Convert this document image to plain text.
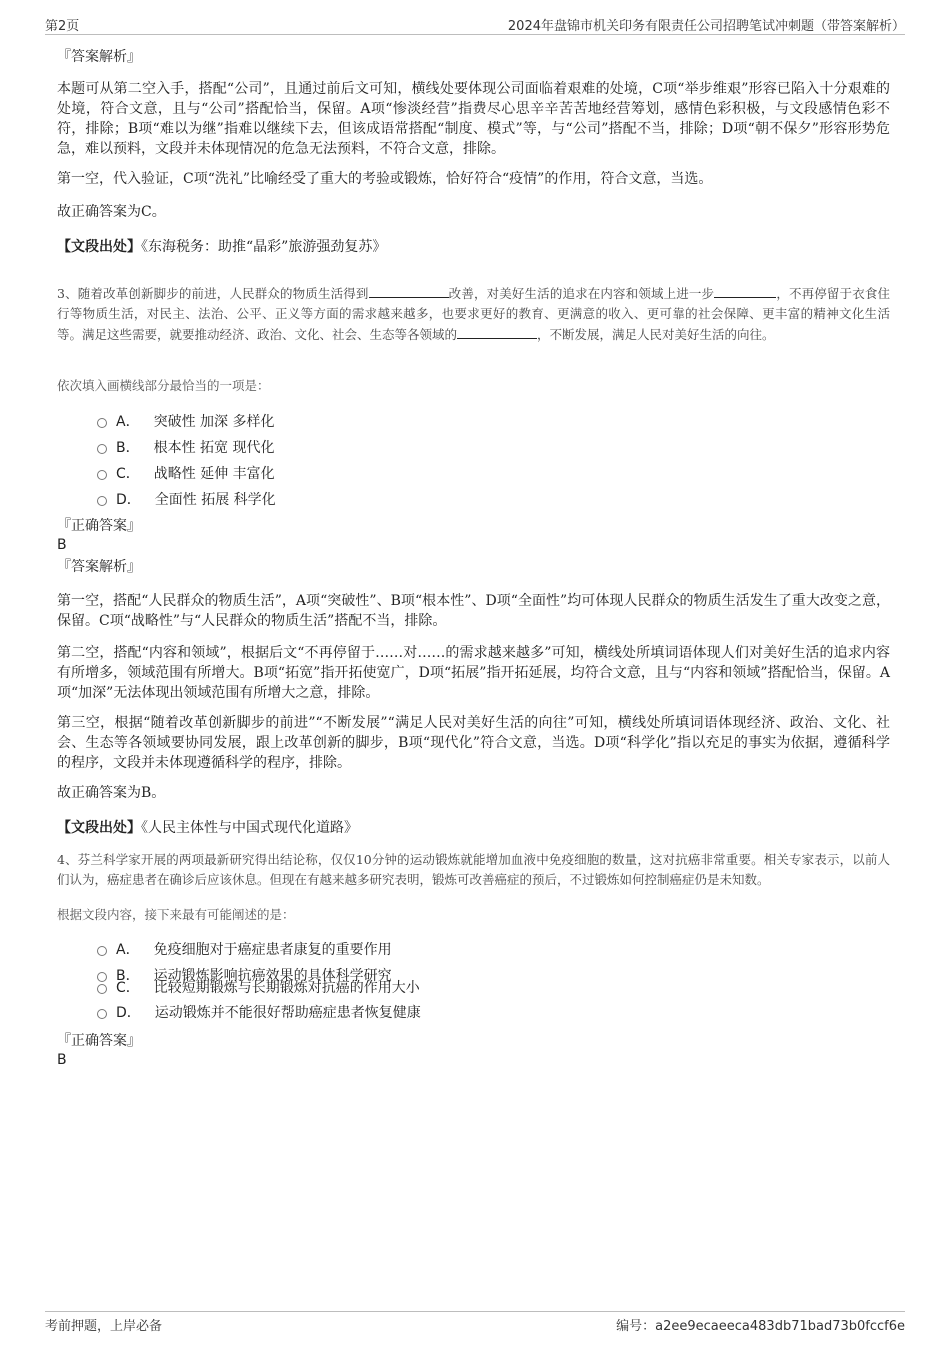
第2页	2024年盘锦市机关印务有限责任公司招聘笔试冲刺题（带答案解析）
『答案解析』
本题可从第二空入手，搭配“公司”，且通过前后文可知，横线处要体现公司面临着艰难的处境，C项“举步维艰”形容已陷入十分艰难的处境，符合文意，且与“公司”搭配恰当，保留。A项“惨淡经营”指费尽心思辛辛苦苦地经营筹划，感情色彩积极，与文段感情色彩不符，排除；B项“难以为继”指难以继续下去，但该成语常搭配“制度、模式”等，与“公司”搭配不当，排除；D项“朝不保夕”形容形势危急，难以预料，文段并未体现情况的危急无法预料，不符合文意，排除。
第一空，代入验证，C项“洗礼”比喻经受了重大的考验或锻炼，恰好符合“疫情”的作用，符合文意，当选。
故正确答案为C。
【文段出处】《东海税务：助推“晶彩”旅游强劲复苏》
3、随着改革创新脚步的前进，人民群众的物质生活得到	改善，对美好生活的追求在内容和领域上进一步	，不再停留于衣食住行等物质生活，对民主、法治、公平、正义等方面的需求越来越多，也要求更好的教育、更满意的收入、更可靠的社会保障、更丰富的精神文化生活等。满足这些需要，就要推动经济、政治、文化、社会、生态等各领域的	，不断发展，满足人民对美好生活的向往。
依次填入画横线部分最恰当的一项是：
A． 突破性 加深 多样化
B． 根本性 拓宽 现代化
C． 战略性 延伸 丰富化
D． 全面性 拓展 科学化
『正确答案』
B
『答案解析』
第一空，搭配“人民群众的物质生活”，A项“突破性”、B项“根本性”、D项“全面性”均可体现人民群众的物质生活发生了重大改变之意，保留。C项“战略性”与“人民群众的物质生活”搭配不当，排除。
第二空，搭配“内容和领域”，根据后文“不再停留于……对……的需求越来越多”可知，横线处所填词语体现人们对美好生活的追求内容有所增多，领域范围有所增大。B项“拓宽”指开拓使宽广，D项“拓展”指开拓延展，均符合文意，且与“内容和领域”搭配恰当，保留。A项“加深”无法体现出领域范围有所增大之意，排除。
第三空，根据“随着改革创新脚步的前进”“不断发展”“满足人民对美好生活的向往”可知，横线处所填词语体现经济、政治、文化、社会、生态等各领域要协同发展，跟上改革创新的脚步，B项“现代化”符合文意，当选。D项“科学化”指以充足的事实为依据，遵循科学的程序，文段并未体现遵循科学的程序，排除。
故正确答案为B。
【文段出处】《人民主体性与中国式现代化道路》
4、芬兰科学家开展的两项最新研究得出结论称，仅仅10分钟的运动锻炼就能增加血液中免疫细胞的数量，这对抗癌非常重要。相关专家表示，以前人们认为，癌症患者在确诊后应该休息。但现在有越来越多研究表明，锻炼可改善癌症的预后，不过锻炼如何控制癌症仍是未知数。
根据文段内容，接下来最有可能阐述的是：
A． 免疫细胞对于癌症患者康复的重要作用
B． 运动锻炼影响抗癌效果的具体科学研究
C． 比较短期锻炼与长期锻炼对抗癌的作用大小
D． 运动锻炼并不能很好帮助癌症患者恢复健康
『正确答案』
B
考前押题，上岸必备	编号：a2ee9ecaeeca483db71bad73b0fccf6e
